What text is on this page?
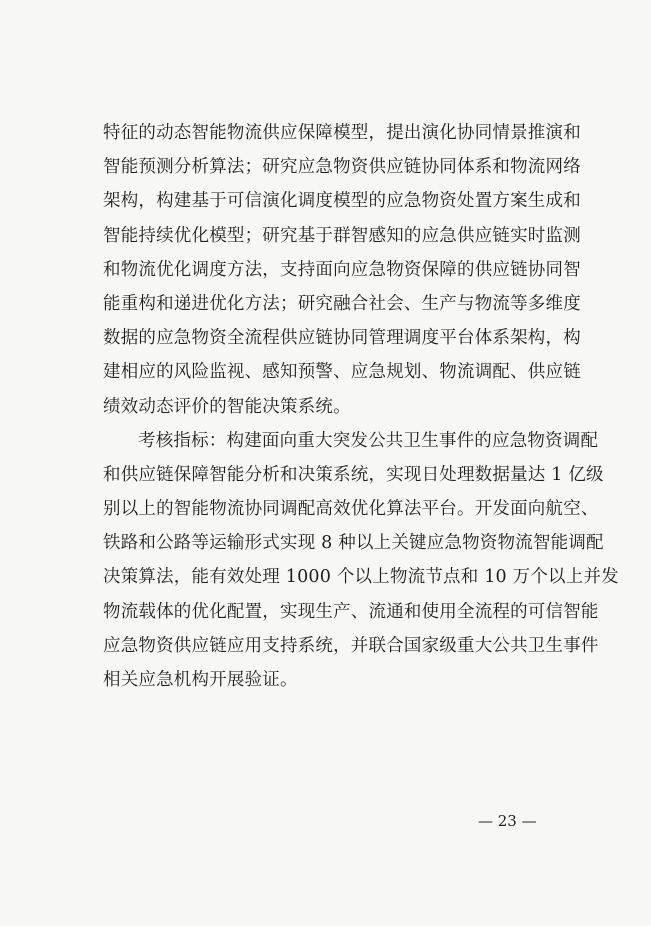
特征的动态智能物流供应保障模型，提出演化协同情景推演和
智能预测分析算法；研究应急物资供应链协同体系和物流网络
架构，构建基于可信演化调度模型的应急物资处置方案生成和
智能持续优化模型；研究基于群智感知的应急供应链实时监测
和物流优化调度方法，支持面向应急物资保障的供应链协同智
能重构和递进优化方法；研究融合社会、生产与物流等多维度
数据的应急物资全流程供应链协同管理调度平台体系架构，构
建相应的风险监视、感知预警、应急规划、物流调配、供应链
绩效动态评价的智能决策系统。
考核指标：构建面向重大突发公共卫生事件的应急物资调配
和供应链保障智能分析和决策系统，实现日处理数据量达 1 亿级
别以上的智能物流协同调配高效优化算法平台。开发面向航空、
铁路和公路等运输形式实现 8 种以上关键应急物资物流智能调配
决策算法，能有效处理 1000 个以上物流节点和 10 万个以上并发
物流载体的优化配置，实现生产、流通和使用全流程的可信智能
应急物资供应链应用支持系统，并联合国家级重大公共卫生事件
相关应急机构开展验证。
— 23 —
